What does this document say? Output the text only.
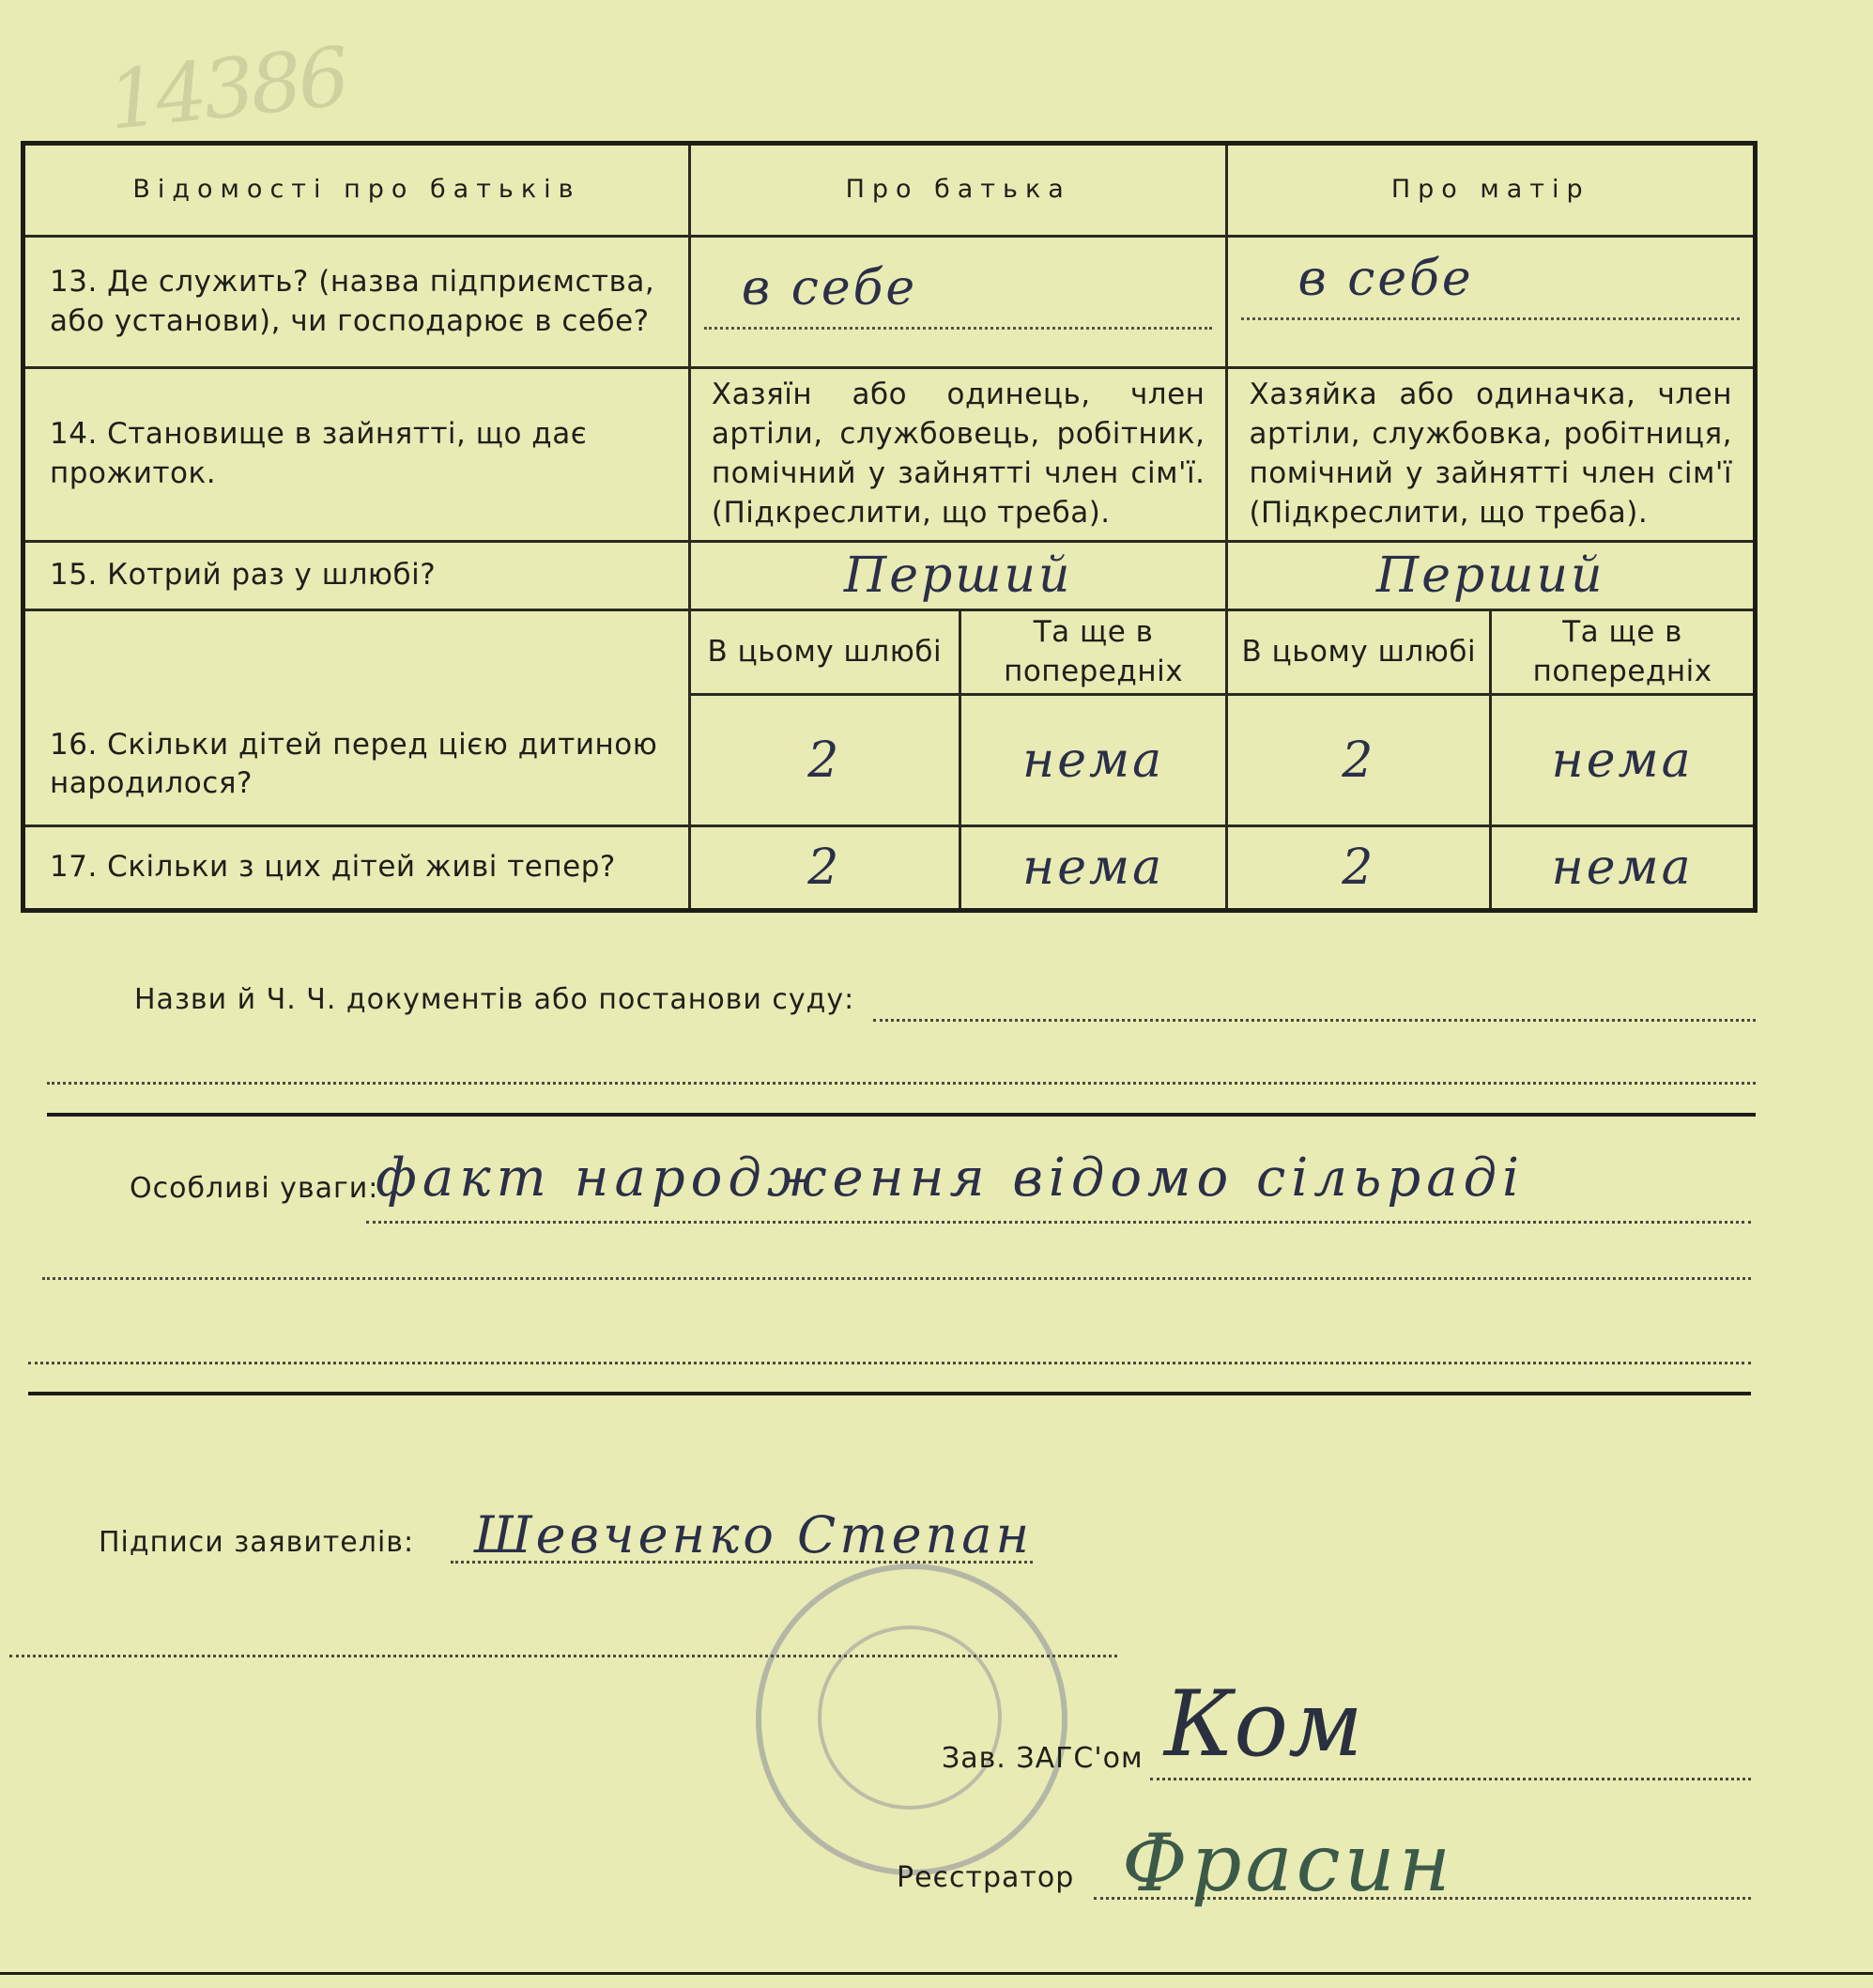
14386
Відомості про батьків	Про батька		Про матір	
13. Де служить? (назва підприємства, або установи), чи господарює в себе?	в себе		в себе	

14. Становище в зайнятті, що дає прожиток.	Хазяїн або одинець, член артіли, службовець, робітник, помічний у зайнятті член сім'ї. (Підкреслити, що треба).		Хазяйка або одиначка, член артіли, службовка, робітниця, помічний у зайнятті член сім'ї (Підкреслити, що треба).	
15. Котрий раз у шлюбі?	Перший		Перший	
16. Скільки дітей перед цією дитиною народилося?	В цьому шлюбі	Та ще в попередніх	В цьому шлюбі	Та ще в попередніх
	2	нема	2	нема
17. Скільки з цих дітей живі тепер?	2	нема	2	нема
Назви й Ч. Ч. документів або постанови суду:
Особливі уваги:
факт народження відомо сільраді
Підписи заявителів: Шевченко Степан
Зав. ЗАГС'ом Ком
Реєстратор Фрасин
